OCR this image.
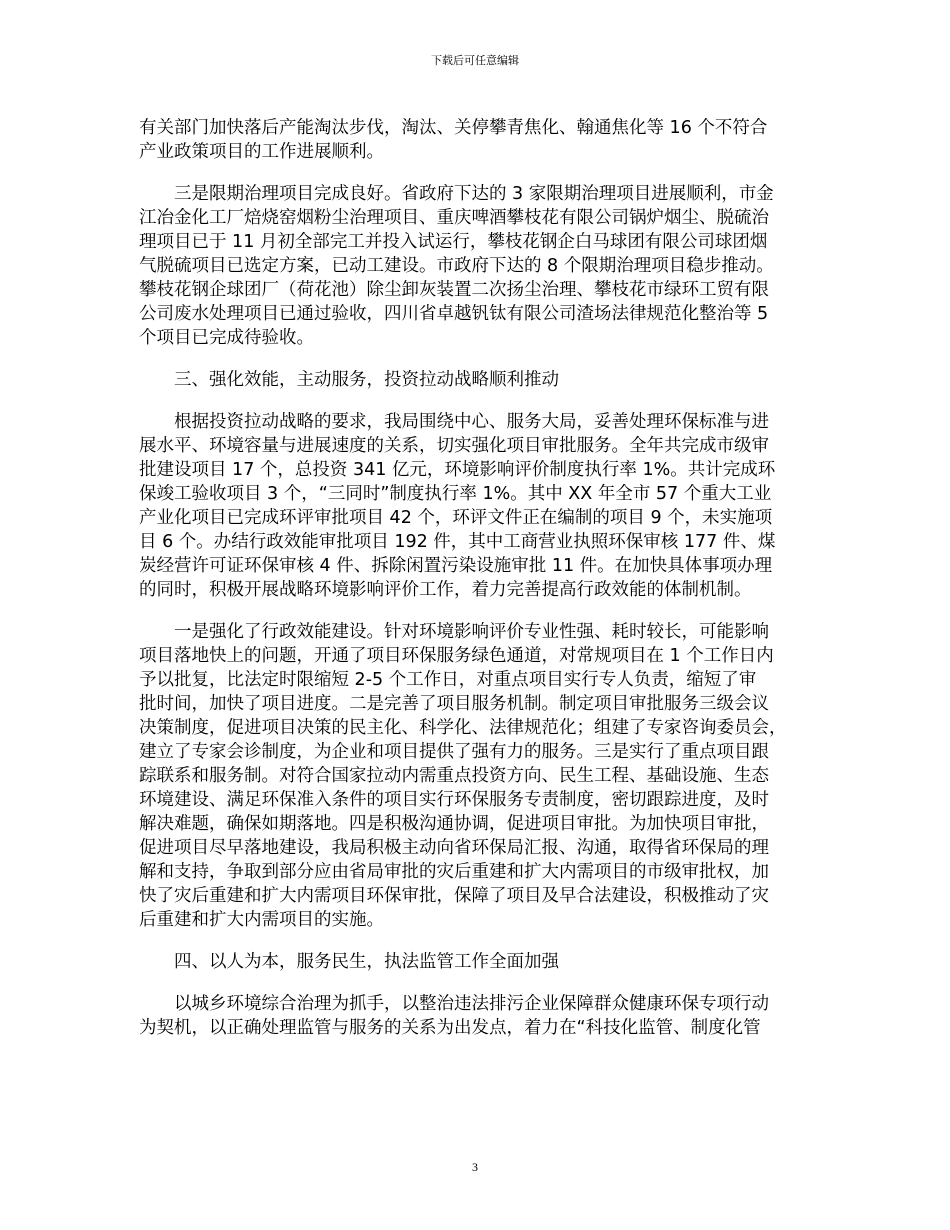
下载后可任意编辑

有关部门加快落后产能淘汰步伐，淘汰、关停攀青焦化、翰通焦化等 16 个不符合
产业政策项目的工作进展顺利。

三是限期治理项目完成良好。省政府下达的 3 家限期治理项目进展顺利，市金
江冶金化工厂焙烧窑烟粉尘治理项目、重庆啤酒攀枝花有限公司锅炉烟尘、脱硫治
理项目已于 11 月初全部完工并投入试运行，攀枝花钢企白马球团有限公司球团烟
气脱硫项目已选定方案，已动工建设。市政府下达的 8 个限期治理项目稳步推动。
攀枝花钢企球团厂（荷花池）除尘卸灰装置二次扬尘治理、攀枝花市绿环工贸有限
公司废水处理项目已通过验收，四川省卓越钒钛有限公司渣场法律规范化整治等 5
个项目已完成待验收。

三、强化效能，主动服务，投资拉动战略顺利推动

根据投资拉动战略的要求，我局围绕中心、服务大局，妥善处理环保标准与进
展水平、环境容量与进展速度的关系，切实强化项目审批服务。全年共完成市级审
批建设项目 17 个，总投资 341 亿元，环境影响评价制度执行率 1%。共计完成环
保竣工验收项目 3 个，“三同时”制度执行率 1%。其中 XX 年全市 57 个重大工业
产业化项目已完成环评审批项目 42 个，环评文件正在编制的项目 9 个，未实施项
目 6 个。办结行政效能审批项目 192 件，其中工商营业执照环保审核 177 件、煤
炭经营许可证环保审核 4 件、拆除闲置污染设施审批 11 件。在加快具体事项办理
的同时，积极开展战略环境影响评价工作，着力完善提高行政效能的体制机制。

一是强化了行政效能建设。针对环境影响评价专业性强、耗时较长，可能影响
项目落地快上的问题，开通了项目环保服务绿色通道，对常规项目在 1 个工作日内
予以批复，比法定时限缩短 2-5 个工作日，对重点项目实行专人负责，缩短了审
批时间，加快了项目进度。二是完善了项目服务机制。制定项目审批服务三级会议
决策制度，促进项目决策的民主化、科学化、法律规范化；组建了专家咨询委员会，
建立了专家会诊制度，为企业和项目提供了强有力的服务。三是实行了重点项目跟
踪联系和服务制。对符合国家拉动内需重点投资方向、民生工程、基础设施、生态
环境建设、满足环保准入条件的项目实行环保服务专责制度，密切跟踪进度，及时
解决难题，确保如期落地。四是积极沟通协调，促进项目审批。为加快项目审批，
促进项目尽早落地建设，我局积极主动向省环保局汇报、沟通，取得省环保局的理
解和支持，争取到部分应由省局审批的灾后重建和扩大内需项目的市级审批权，加
快了灾后重建和扩大内需项目环保审批，保障了项目及早合法建设，积极推动了灾
后重建和扩大内需项目的实施。

四、以人为本，服务民生，执法监管工作全面加强

以城乡环境综合治理为抓手，以整治违法排污企业保障群众健康环保专项行动
为契机，以正确处理监管与服务的关系为出发点，着力在“科技化监管、制度化管

3
